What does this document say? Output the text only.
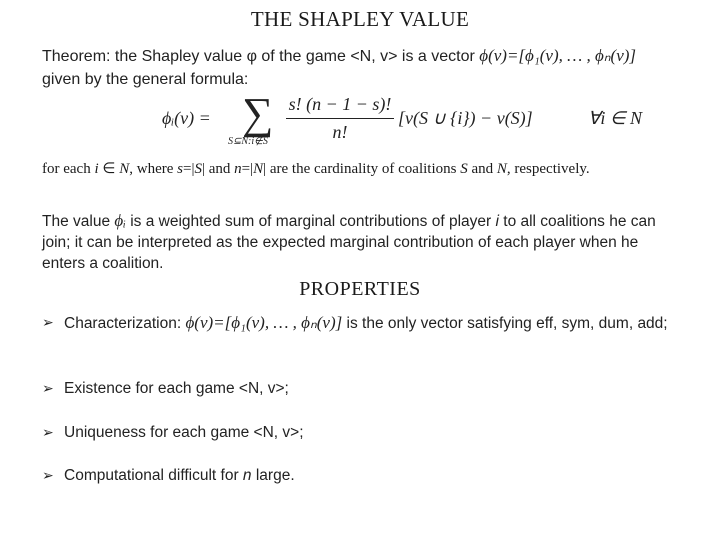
THE SHAPLEY VALUE
Theorem: the Shapley value φ of the game <N, v> is a vector ϕ(v)=[ϕ₁(v), … , ϕₙ(v)]
given by the general formula:
ϕᵢ(v) = ∑
S⊆N:i∉S
s! (n − 1 − s)!
n!
[v(S ∪ {i}) − v(S)]	∀i ∈ N
for each i ∈ N, where s=|S| and n=|N| are the cardinality of coalitions S and N, respectively.
The value ϕᵢ is a weighted sum of marginal contributions of player i to all coalitions he can join; it can be interpreted as the expected marginal contribution of each player when he enters a coalition.
PROPERTIES
➢ Characterization: ϕ(v)=[ϕ₁(v), … , ϕₙ(v)] is the only vector satisfying eff, sym, dum, add;
➢ Existence for each game <N, v>;
➢ Uniqueness for each game <N, v>;
➢ Computational difficult for n large.
